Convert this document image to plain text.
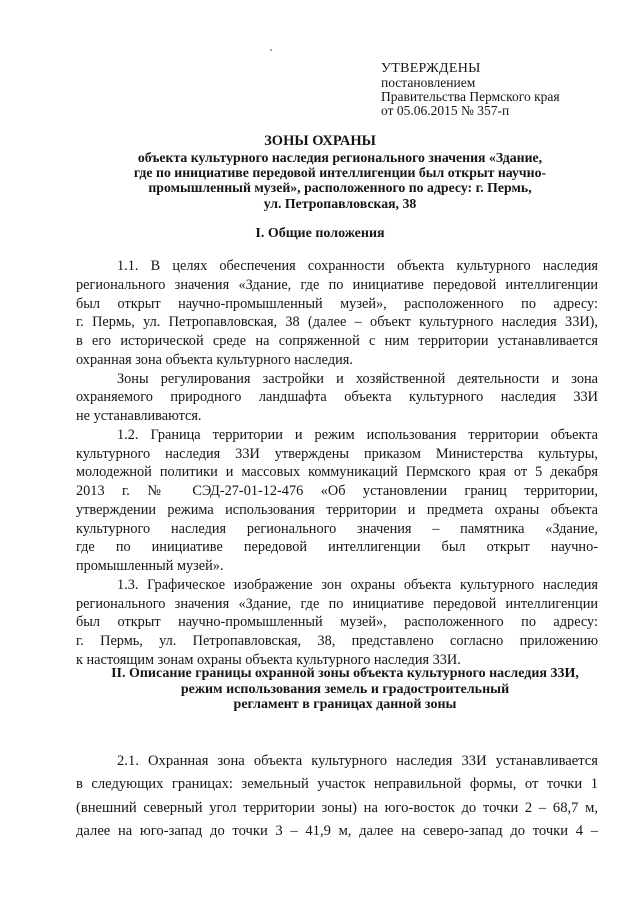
УТВЕРЖДЕНЫ
постановлением
Правительства Пермского края
от 05.06.2015 № 357-п
ЗОНЫ ОХРАНЫ
объекта культурного наследия регионального значения «Здание,
где по инициативе передовой интеллигенции был открыт научно-
промышленный музей», расположенного по адресу: г. Пермь,
ул. Петропавловская, 38
I. Общие положения
1.1. В целях обеспечения сохранности объекта культурного наследия
регионального значения «Здание, где по инициативе передовой интеллигенции
был открыт научно-промышленный музей», расположенного по адресу:
г. Пермь, ул. Петропавловская, 38 (далее – объект культурного наследия 33И),
в его исторической среде на сопряженной с ним территории устанавливается
охранная зона объекта культурного наследия.
Зоны регулирования застройки и хозяйственной деятельности и зона
охраняемого природного ландшафта объекта культурного наследия 33И
не устанавливаются.
1.2. Граница территории и режим использования территории объекта
культурного наследия 33И утверждены приказом Министерства культуры,
молодежной политики и массовых коммуникаций Пермского края от 5 декабря
2013 г. № СЭД-27-01-12-476 «Об установлении границ территории,
утверждении режима использования территории и предмета охраны объекта
культурного наследия регионального значения – памятника «Здание,
где по инициативе передовой интеллигенции был открыт научно-
промышленный музей».
1.3. Графическое изображение зон охраны объекта культурного наследия
регионального значения «Здание, где по инициативе передовой интеллигенции
был открыт научно-промышленный музей», расположенного по адресу:
г. Пермь, ул. Петропавловская, 38, представлено согласно приложению
к настоящим зонам охраны объекта культурного наследия 33И.
II. Описание границы охранной зоны объекта культурного наследия 33И,
режим использования земель и градостроительный
регламент в границах данной зоны
2.1. Охранная зона объекта культурного наследия 33И устанавливается
в следующих границах: земельный участок неправильной формы, от точки 1
(внешний северный угол территории зоны) на юго-восток до точки 2 – 68,7 м,
далее на юго-запад до точки 3 – 41,9 м, далее на северо-запад до точки 4 –
